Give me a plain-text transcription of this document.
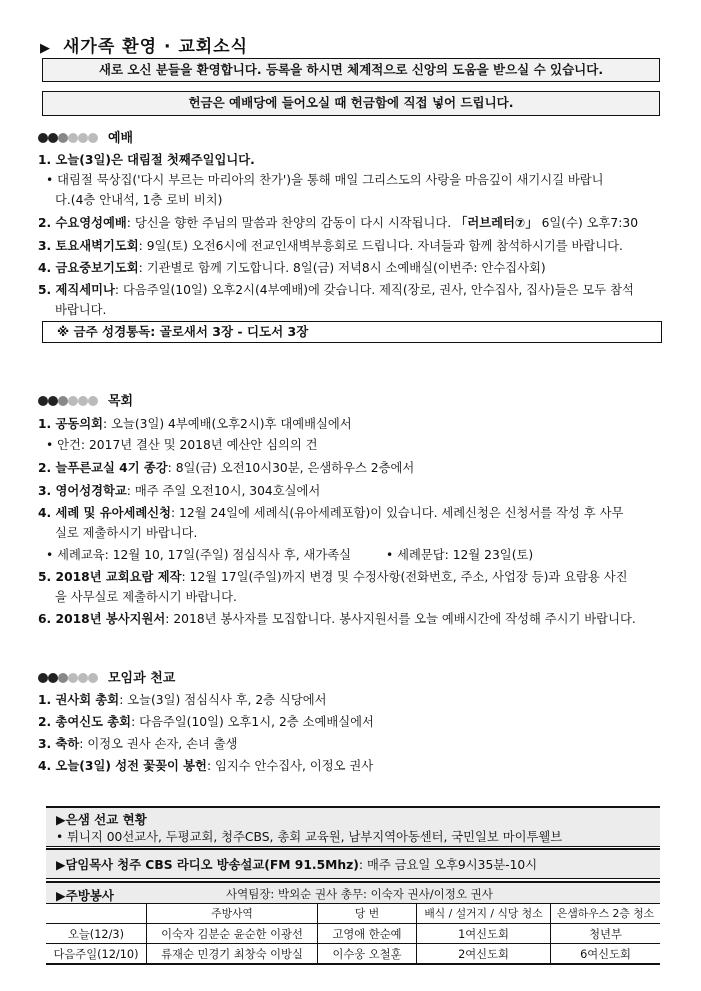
▶ 새가족 환영 · 교회소식
새로 오신 분들을 환영합니다. 등록을 하시면 체계적으로 신앙의 도움을 받으실 수 있습니다.
헌금은 예배당에 들어오실 때 헌금함에 직접 넣어 드립니다.
예배
1. 오늘(3일)은 대림절 첫째주일입니다.
• 대림절 묵상집('다시 부르는 마리아의 찬가')을 통해 매일 그리스도의 사랑을 마음깊이 새기시길 바랍니
다.(4층 안내석, 1층 로비 비치)
2. 수요영성예배: 당신을 향한 주님의 말씀과 찬양의 감동이 다시 시작됩니다. 「러브레터⑦」 6일(수) 오후7:30
3. 토요새벽기도회: 9일(토) 오전6시에 전교인새벽부흥회로 드립니다. 자녀들과 함께 참석하시기를 바랍니다.
4. 금요중보기도회: 기관별로 함께 기도합니다. 8일(금) 저녁8시 소예배실(이번주: 안수집사회)
5. 제직세미나: 다음주일(10일) 오후2시(4부예배)에 갖습니다. 제직(장로, 권사, 안수집사, 집사)들은 모두 참석
바랍니다.
※ 금주 성경통독: 골로새서 3장 - 디도서 3장
목회
1. 공동의회: 오늘(3일) 4부예배(오후2시)후 대예배실에서
• 안건: 2017년 결산 및 2018년 예산안 심의의 건
2. 늘푸른교실 4기 종강: 8일(금) 오전10시30분, 은샘하우스 2층에서
3. 영어성경학교: 매주 주일 오전10시, 304호실에서
4. 세례 및 유아세례신청: 12월 24일에 세례식(유아세례포함)이 있습니다. 세례신청은 신청서를 작성 후 사무
실로 제출하시기 바랍니다.
• 세례교육: 12월 10, 17일(주일) 점심식사 후, 새가족실	• 세례문답: 12월 23일(토)
5. 2018년 교회요람 제작: 12월 17일(주일)까지 변경 및 수정사항(전화번호, 주소, 사업장 등)과 요람용 사진
을 사무실로 제출하시기 바랍니다.
6. 2018년 봉사지원서: 2018년 봉사자를 모집합니다. 봉사지원서를 오늘 예배시간에 작성해 주시기 바랍니다.
모임과 천교
1. 권사회 총회: 오늘(3일) 점심식사 후, 2층 식당에서
2. 총여신도 총회: 다음주일(10일) 오후1시, 2층 소예배실에서
3. 축하: 이정오 권사 손자, 손녀 출생
4. 오늘(3일) 성전 꽃꽂이 봉헌: 임지수 안수집사, 이정오 권사
▶은샘 선교 현황
• 튀니지 00선교사, 두평교회, 청주CBS, 총회 교육원, 남부지역아동센터, 국민일보 마이투웰브
▶담임목사 청주 CBS 라디오 방송설교(FM 91.5Mhz): 매주 금요일 오후9시35분-10시
▶주방봉사	사역팀장: 박외순 권사 총무: 이숙자 권사/이정오 권사
	주방사역	당 번	배식 / 설거지 / 식당 청소	은샘하우스 2층 청소
오늘(12/3)	이숙자 김분순 윤순한 이광선	고영애 한순예	1여신도회	청년부
다음주일(12/10)	류재순 민경기 최창숙 이방실	이수웅 오철훈	2여신도회	6여신도회
